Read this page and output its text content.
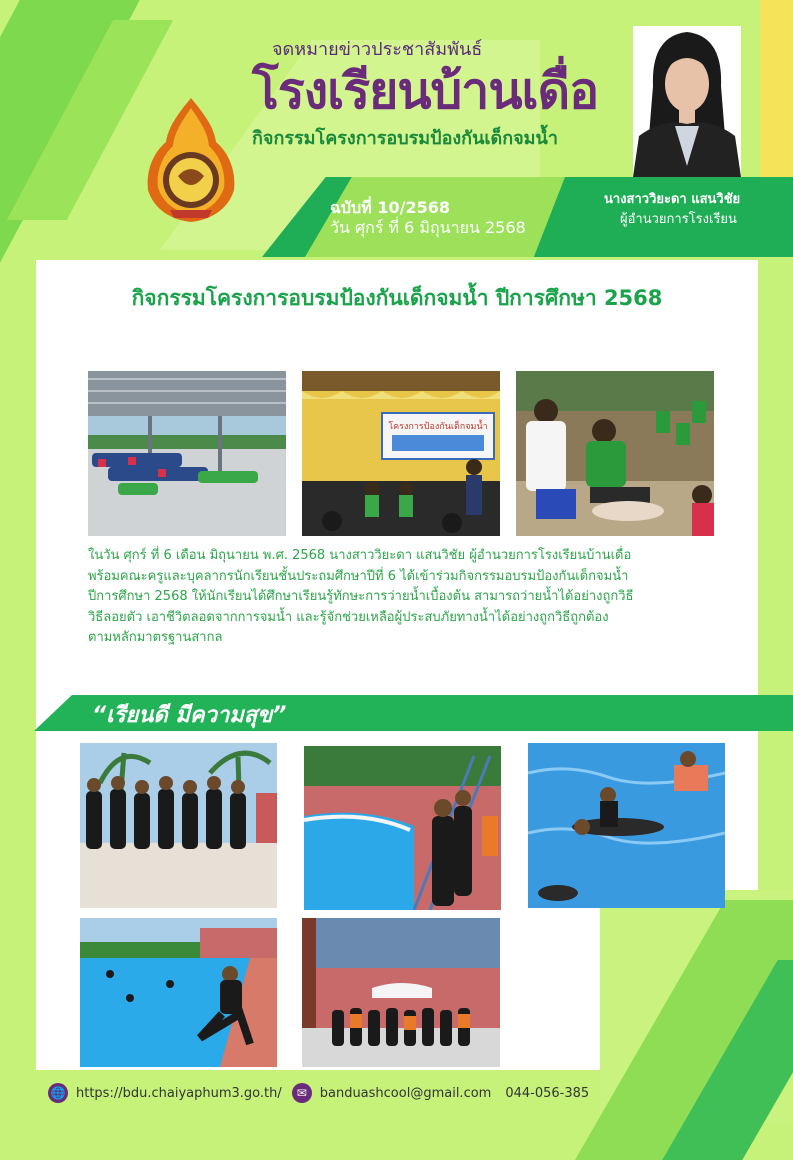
จดหมายข่าวประชาสัมพันธ์
โรงเรียนบ้านเดื่อ
กิจกรรมโครงการอบรมป้องกันเด็กจมน้ำ
ฉบับที่ 10/2568
วัน ศุกร์ ที่ 6 มิถุนายน 2568
นางสาววิยะดา แสนวิชัย
ผู้อำนวยการโรงเรียน
กิจกรรมโครงการอบรมป้องกันเด็กจมน้ำ ปีการศึกษา 2568
โครงการป้องกันเด็กจมน้ำ
ในวัน ศุกร์ ที่ 6 เดือน มิถุนายน พ.ศ. 2568 นางสาววิยะดา แสนวิชัย ผู้อำนวยการโรงเรียนบ้านเดื่อ
พร้อมคณะครูและบุคลากรนักเรียนชั้นประถมศึกษาปีที่ 6 ได้เข้าร่วมกิจกรรมอบรมป้องกันเด็กจมน้ำ
ปีการศึกษา 2568 ให้นักเรียนได้ศึกษาเรียนรู้ทักษะการว่ายน้ำเบื้องต้น สามารถว่ายน้ำได้อย่างถูกวิธี
วิธีลอยตัว เอาชีวิตลอดจากการจมน้ำ และรู้จักช่วยเหลือผู้ประสบภัยทางน้ำได้อย่างถูกวิธีถูกต้อง
ตามหลักมาตรฐานสากล
“เรียนดี มีความสุข”
🌐 https://bdu.chaiyaphum3.go.th/	✉ banduashcool@gmail.com 044-056-385
